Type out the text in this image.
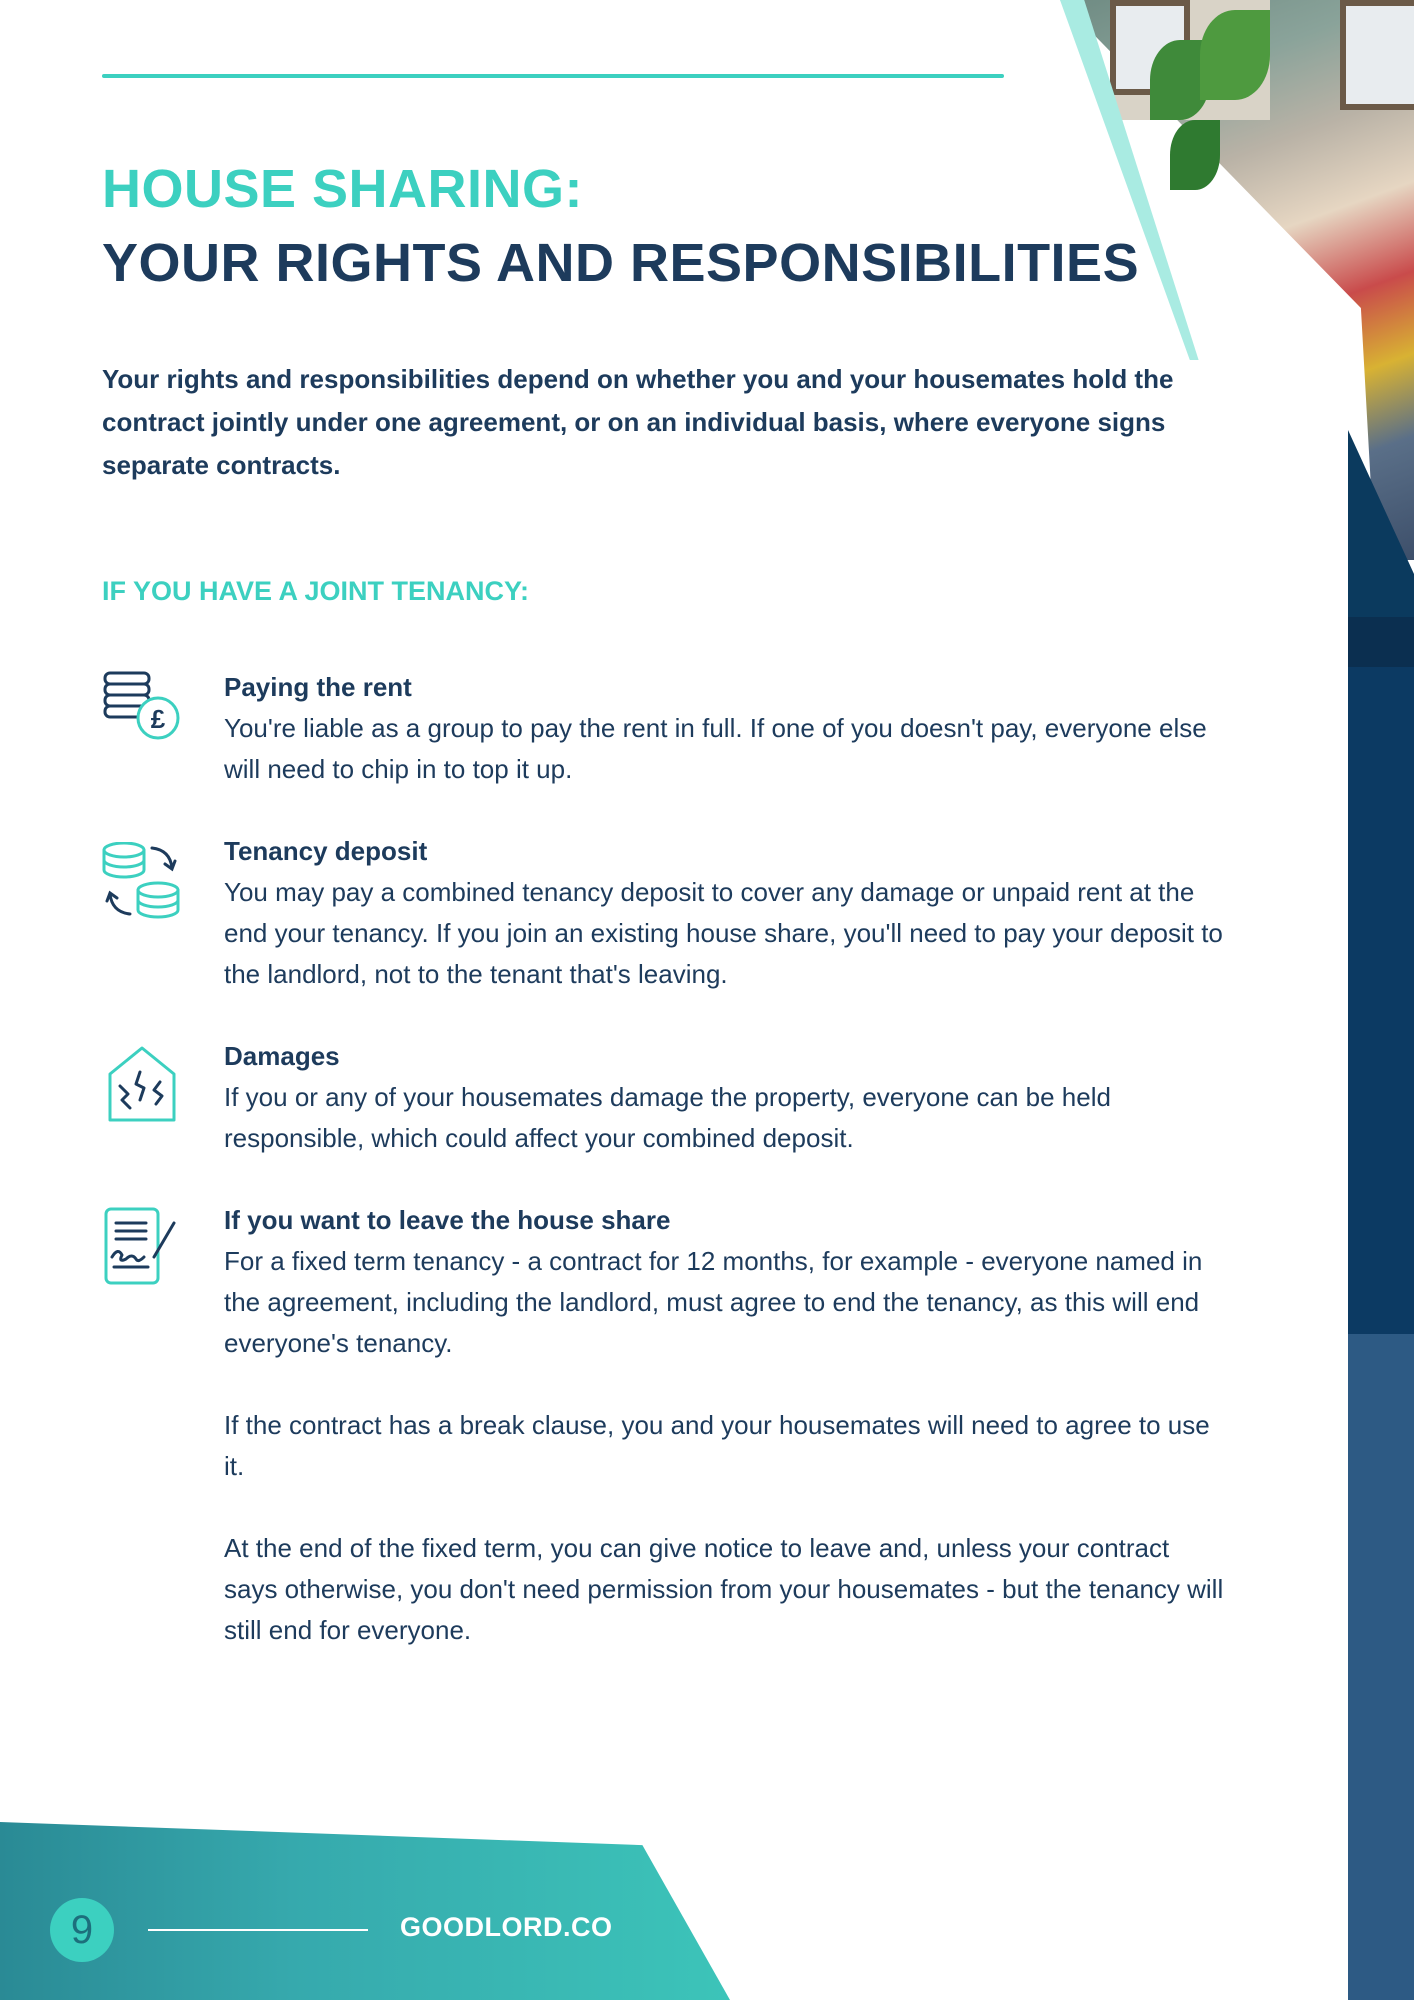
HOUSE SHARING:
YOUR RIGHTS AND RESPONSIBILITIES

Your rights and responsibilities depend on whether you and your housemates hold the contract jointly under one agreement, or on an individual basis, where everyone signs separate contracts.

IF YOU HAVE A JOINT TENANCY:
£

Paying the rent

You're liable as a group to pay the rent in full. If one of you doesn't pay, everyone else will need to chip in to top it up.

Tenancy deposit

You may pay a combined tenancy deposit to cover any damage or unpaid rent at the end your tenancy. If you join an existing house share, you'll need to pay your deposit to the landlord, not to the tenant that's leaving.

Damages

If you or any of your housemates damage the property, everyone can be held responsible, which could affect your combined deposit.

If you want to leave the house share

For a fixed term tenancy - a contract for 12 months, for example - everyone named in the agreement, including the landlord, must agree to end the tenancy, as this will end everyone's tenancy.

If the contract has a break clause, you and your housemates will need to agree to use it.

At the end of the fixed term, you can give notice to leave and, unless your contract says otherwise, you don't need permission from your housemates - but the tenancy will still end for everyone.

9	GOODLORD.CO
